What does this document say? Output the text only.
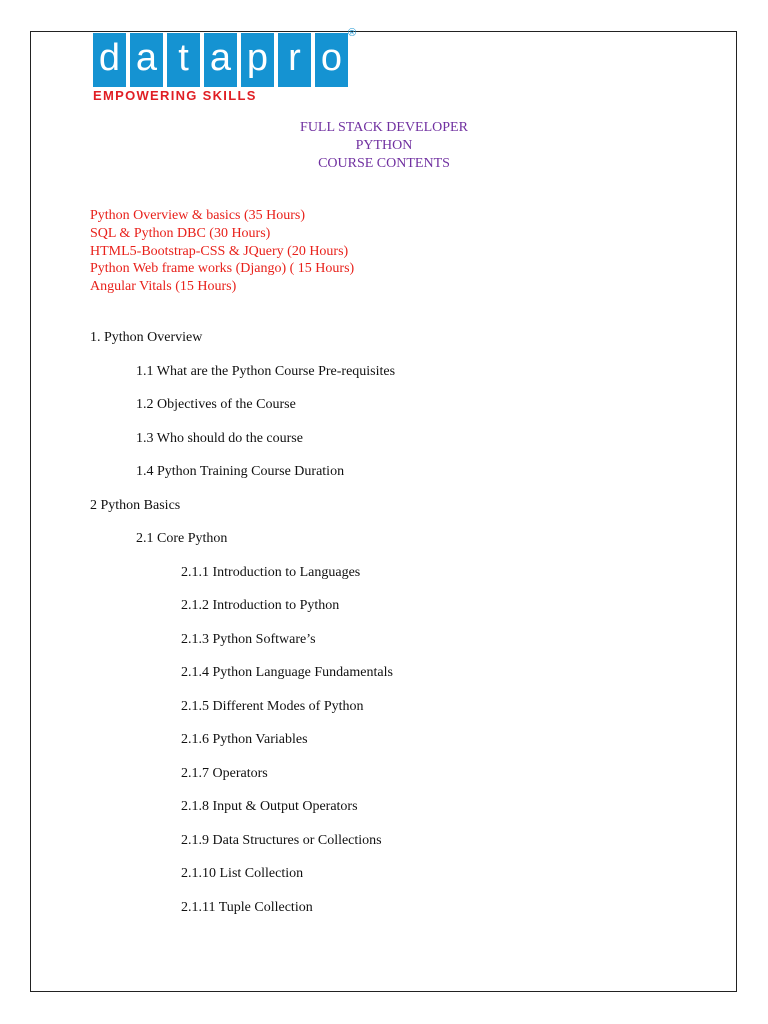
d a t a p r o
®
EMPOWERING SKILLS
FULL STACK DEVELOPER
PYTHON
COURSE CONTENTS
Python Overview & basics (35 Hours)
SQL & Python DBC (30 Hours)
HTML5-Bootstrap-CSS & JQuery (20 Hours)
Python Web frame works (Django) ( 15 Hours)
Angular Vitals (15 Hours)
1. Python Overview
1.1 What are the Python Course Pre-requisites
1.2 Objectives of the Course
1.3 Who should do the course
1.4 Python Training Course Duration
2 Python Basics
2.1 Core Python
2.1.1 Introduction to Languages
2.1.2 Introduction to Python
2.1.3 Python Software’s
2.1.4 Python Language Fundamentals
2.1.5 Different Modes of Python
2.1.6 Python Variables
2.1.7 Operators
2.1.8 Input & Output Operators
2.1.9 Data Structures or Collections
2.1.10 List Collection
2.1.11 Tuple Collection
